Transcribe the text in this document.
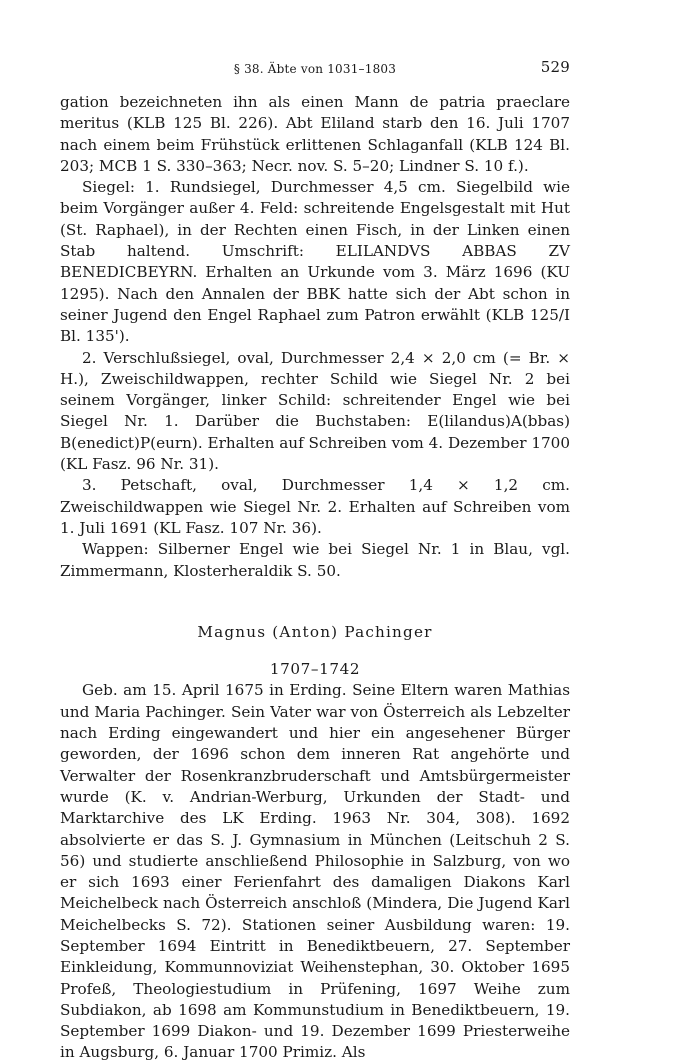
§ 38. Äbte von 1031–1803	529

gation bezeichneten ihn als einen Mann de patria praeclare meritus (KLB 125 Bl. 226). Abt Eliland starb den 16. Juli 1707 nach einem beim Frühstück erlittenen Schlaganfall (KLB 124 Bl. 203; MCB 1 S. 330–363; Necr. nov. S. 5–20; Lindner S. 10 f.).

Siegel: 1. Rundsiegel, Durchmesser 4,5 cm. Siegelbild wie beim Vorgänger außer 4. Feld: schreitende Engelsgestalt mit Hut (St. Raphael), in der Rechten einen Fisch, in der Linken einen Stab haltend. Umschrift: ELILANDVS ABBAS ZV BENEDICBEYRN. Erhalten an Urkunde vom 3. März 1696 (KU 1295). Nach den Annalen der BBK hatte sich der Abt schon in seiner Jugend den Engel Raphael zum Patron erwählt (KLB 125/I Bl. 135').

2. Verschlußsiegel, oval, Durchmesser 2,4 × 2,0 cm (= Br. × H.), Zweischildwappen, rechter Schild wie Siegel Nr. 2 bei seinem Vorgänger, linker Schild: schreitender Engel wie bei Siegel Nr. 1. Darüber die Buchstaben: E(lilandus)A(bbas) B(enedict)P(eurn). Erhalten auf Schreiben vom 4. Dezember 1700 (KL Fasz. 96 Nr. 31).

3. Petschaft, oval, Durchmesser 1,4 × 1,2 cm. Zweischildwappen wie Siegel Nr. 2. Erhalten auf Schreiben vom 1. Juli 1691 (KL Fasz. 107 Nr. 36).

Wappen: Silberner Engel wie bei Siegel Nr. 1 in Blau, vgl. Zimmermann, Klosterheraldik S. 50.

Magnus (Anton) Pachinger
1707–1742

Geb. am 15. April 1675 in Erding. Seine Eltern waren Mathias und Maria Pachinger. Sein Vater war von Österreich als Lebzelter nach Erding eingewandert und hier ein angesehener Bürger geworden, der 1696 schon dem inneren Rat angehörte und Verwalter der Rosenkranzbruderschaft und Amtsbürgermeister wurde (K. v. Andrian-Werburg, Urkunden der Stadt- und Marktarchive des LK Erding. 1963 Nr. 304, 308). 1692 absolvierte er das S. J. Gymnasium in München (Leitschuh 2 S. 56) und studierte anschließend Philosophie in Salzburg, von wo er sich 1693 einer Ferienfahrt des damaligen Diakons Karl Meichelbeck nach Österreich anschloß (Mindera, Die Jugend Karl Meichelbecks S. 72). Stationen seiner Ausbildung waren: 19. September 1694 Eintritt in Benediktbeuern, 27. September Einkleidung, Kommunnoviziat Weihenstephan, 30. Oktober 1695 Profeß, Theologiestudium in Prüfening, 1697 Weihe zum Subdiakon, ab 1698 am Kommunstudium in Benediktbeuern, 19. September 1699 Diakon- und 19. Dezember 1699 Priesterweihe in Augsburg, 6. Januar 1700 Primiz. Als
